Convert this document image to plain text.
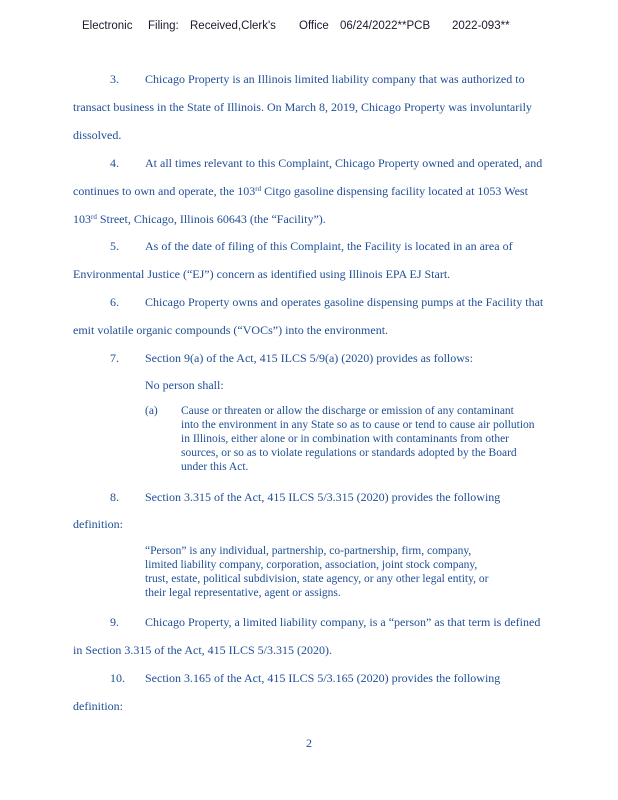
Electronic Filing: Received,Clerk's Office 06/24/2022**PCB 2022-093**
3. Chicago Property is an Illinois limited liability company that was authorized to
transact business in the State of Illinois. On March 8, 2019, Chicago Property was involuntarily
dissolved.
4. At all times relevant to this Complaint, Chicago Property owned and operated, and
continues to own and operate, the 103rd Citgo gasoline dispensing facility located at 1053 West
103rd Street, Chicago, Illinois 60643 (the “Facility”).
5. As of the date of filing of this Complaint, the Facility is located in an area of
Environmental Justice (“EJ”) concern as identified using Illinois EPA EJ Start.
6. Chicago Property owns and operates gasoline dispensing pumps at the Facility that
emit volatile organic compounds (“VOCs”) into the environment.
7. Section 9(a) of the Act, 415 ILCS 5/9(a) (2020) provides as follows:
No person shall:
(a) Cause or threaten or allow the discharge or emission of any contaminant
into the environment in any State so as to cause or tend to cause air pollution
in Illinois, either alone or in combination with contaminants from other
sources, or so as to violate regulations or standards adopted by the Board
under this Act.
8. Section 3.315 of the Act, 415 ILCS 5/3.315 (2020) provides the following
definition:
“Person” is any individual, partnership, co-partnership, firm, company,
limited liability company, corporation, association, joint stock company,
trust, estate, political subdivision, state agency, or any other legal entity, or
their legal representative, agent or assigns.
9. Chicago Property, a limited liability company, is a “person” as that term is defined
in Section 3.315 of the Act, 415 ILCS 5/3.315 (2020).
10. Section 3.165 of the Act, 415 ILCS 5/3.165 (2020) provides the following
definition:
2
